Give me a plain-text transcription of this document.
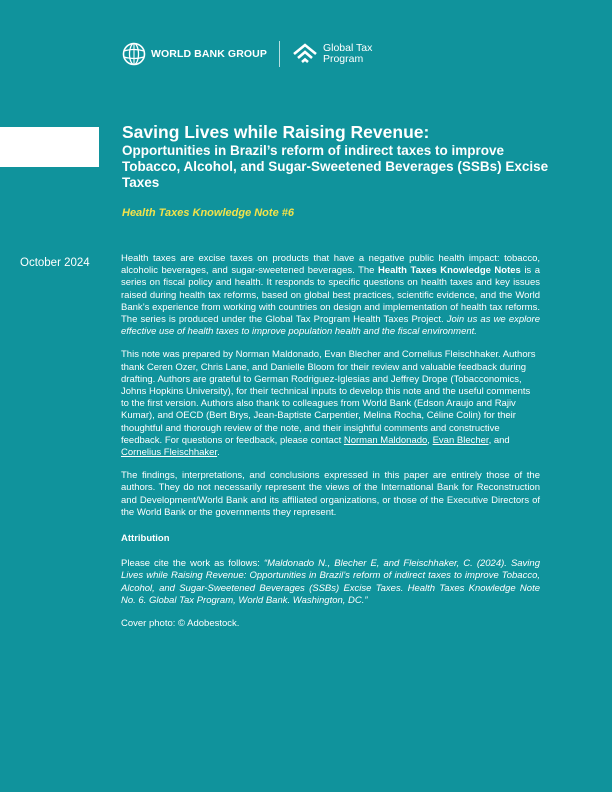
WORLD BANK GROUP	Global Tax
Program
Saving Lives while Raising Revenue:
Opportunities in Brazil’s reform of indirect taxes to improve Tobacco, Alcohol, and Sugar-Sweetened Beverages (SSBs) Excise Taxes
Health Taxes Knowledge Note #6
October 2024	Health taxes are excise taxes on products that have a negative public health impact: tobacco, alcoholic beverages, and sugar-sweetened beverages. The Health Taxes Knowledge Notes is a series on fiscal policy and health. It responds to specific questions on health taxes and key issues raised during health tax reforms, based on global best practices, scientific evidence, and the World Bank’s experience from working with countries on design and implementation of health tax reforms. The series is produced under the Global Tax Program Health Taxes Project. Join us as we explore effective use of health taxes to improve population health and the fiscal environment.

This note was prepared by Norman Maldonado, Evan Blecher and Cornelius Fleischhaker. Authors thank Ceren Ozer, Chris Lane, and Danielle Bloom for their review and valuable feedback during drafting. Authors are grateful to German Rodriguez-Iglesias and Jeffrey Drope (Tobacconomics, Johns Hopkins University), for their technical inputs to develop this note and the useful comments to the first version. Authors also thank to colleagues from World Bank (Edson Araujo and Rajiv Kumar), and OECD (Bert Brys, Jean-Baptiste Carpentier, Melina Rocha, Céline Colin) for their thoughtful and thorough review of the note, and their insightful comments and constructive feedback. For questions or feedback, please contact Norman Maldonado, Evan Blecher, and Cornelius Fleischhaker.

The findings, interpretations, and conclusions expressed in this paper are entirely those of the authors. They do not necessarily represent the views of the International Bank for Reconstruction and Development/World Bank and its affiliated organizations, or those of the Executive Directors of the World Bank or the governments they represent.

Attribution

Please cite the work as follows: “Maldonado N., Blecher E, and Fleischhaker, C. (2024). Saving Lives while Raising Revenue: Opportunities in Brazil’s reform of indirect taxes to improve Tobacco, Alcohol, and Sugar-Sweetened Beverages (SSBs) Excise Taxes. Health Taxes Knowledge Note No. 6. Global Tax Program, World Bank. Washington, DC.”

Cover photo: © Adobestock.
